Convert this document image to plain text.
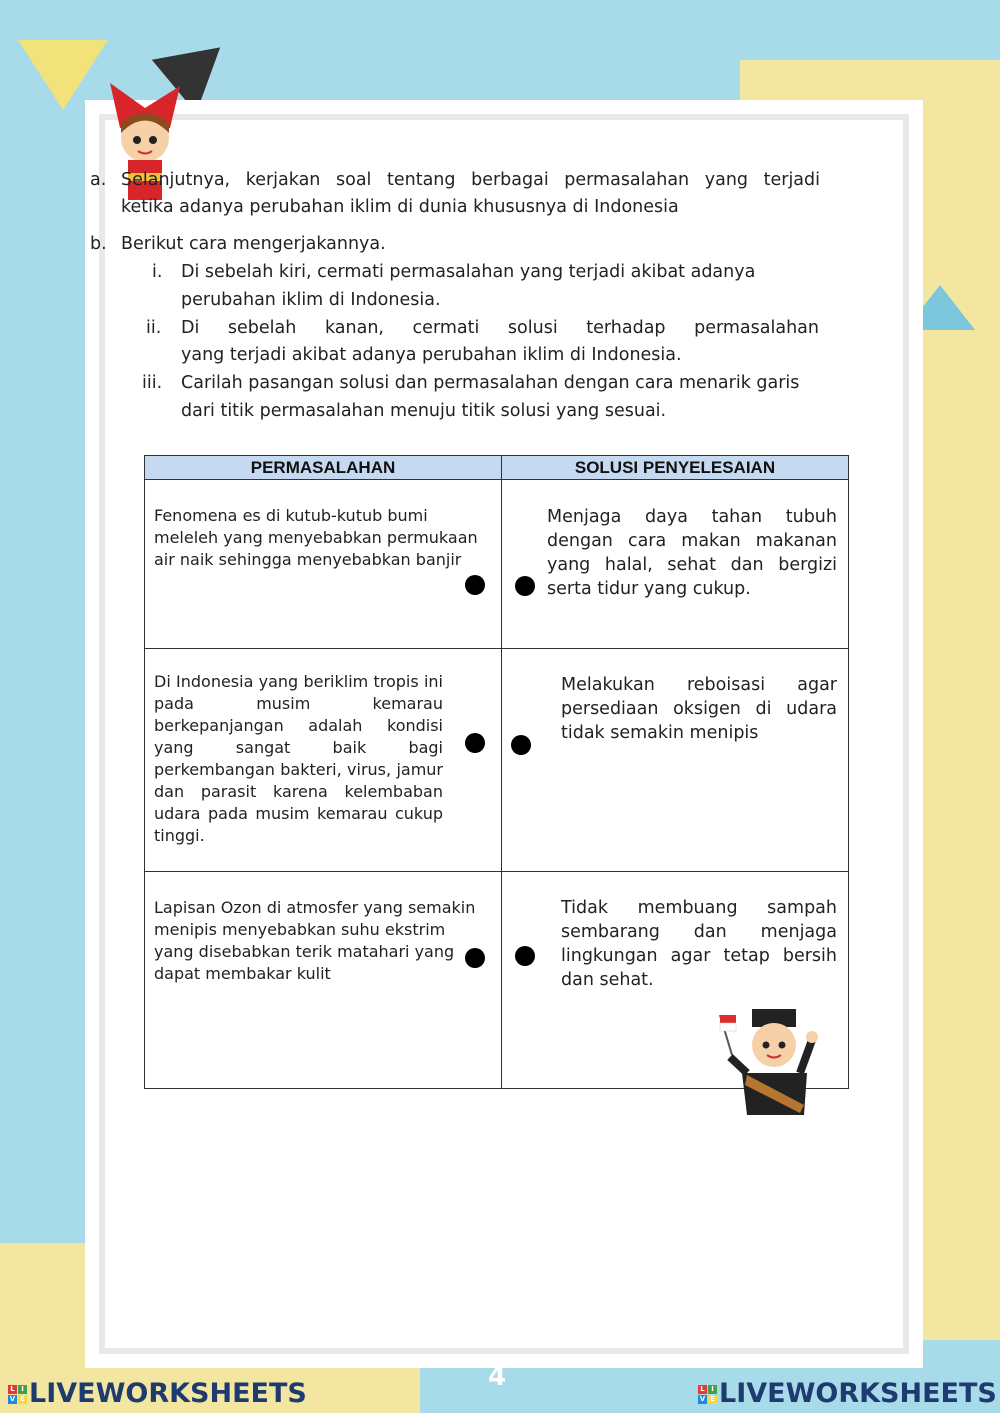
a. Selanjutnya, kerjakan soal tentang berbagai permasalahan yang terjadi
ketika adanya perubahan iklim di dunia khususnya di Indonesia
b. Berikut cara mengerjakannya.
i. Di sebelah kiri, cermati permasalahan yang terjadi akibat adanya
perubahan iklim di Indonesia.
ii. Di sebelah kanan, cermati solusi terhadap permasalahan
yang terjadi akibat adanya perubahan iklim di Indonesia.
iii. Carilah pasangan solusi dan permasalahan dengan cara menarik garis
dari titik permasalahan menuju titik solusi yang sesuai.
PERMASALAHAN	SOLUSI PENYELESAIAN

Fenomena es di kutub-kutub bumi meleleh yang menyebabkan permukaan air naik sehingga menyebabkan banjir	Menjaga daya tahan tubuh dengan cara makan makanan yang halal, sehat dan bergizi serta tidur yang cukup.

Di Indonesia yang beriklim tropis ini pada musim kemarau berkepanjangan adalah kondisi yang sangat baik bagi perkembangan bakteri, virus, jamur dan parasit karena kelembaban udara pada musim kemarau cukup tinggi.	Melakukan reboisasi agar persediaan oksigen di udara tidak semakin menipis

Lapisan Ozon di atmosfer yang semakin menipis menyebabkan suhu ekstrim yang disebabkan terik matahari yang dapat membakar kulit	Tidak membuang sampah sembarang dan menjaga lingkungan agar tetap bersih dan sehat.
4
L I
V E LIVEWORKSHEETS	L I
V E LIVEWORKSHEETS
